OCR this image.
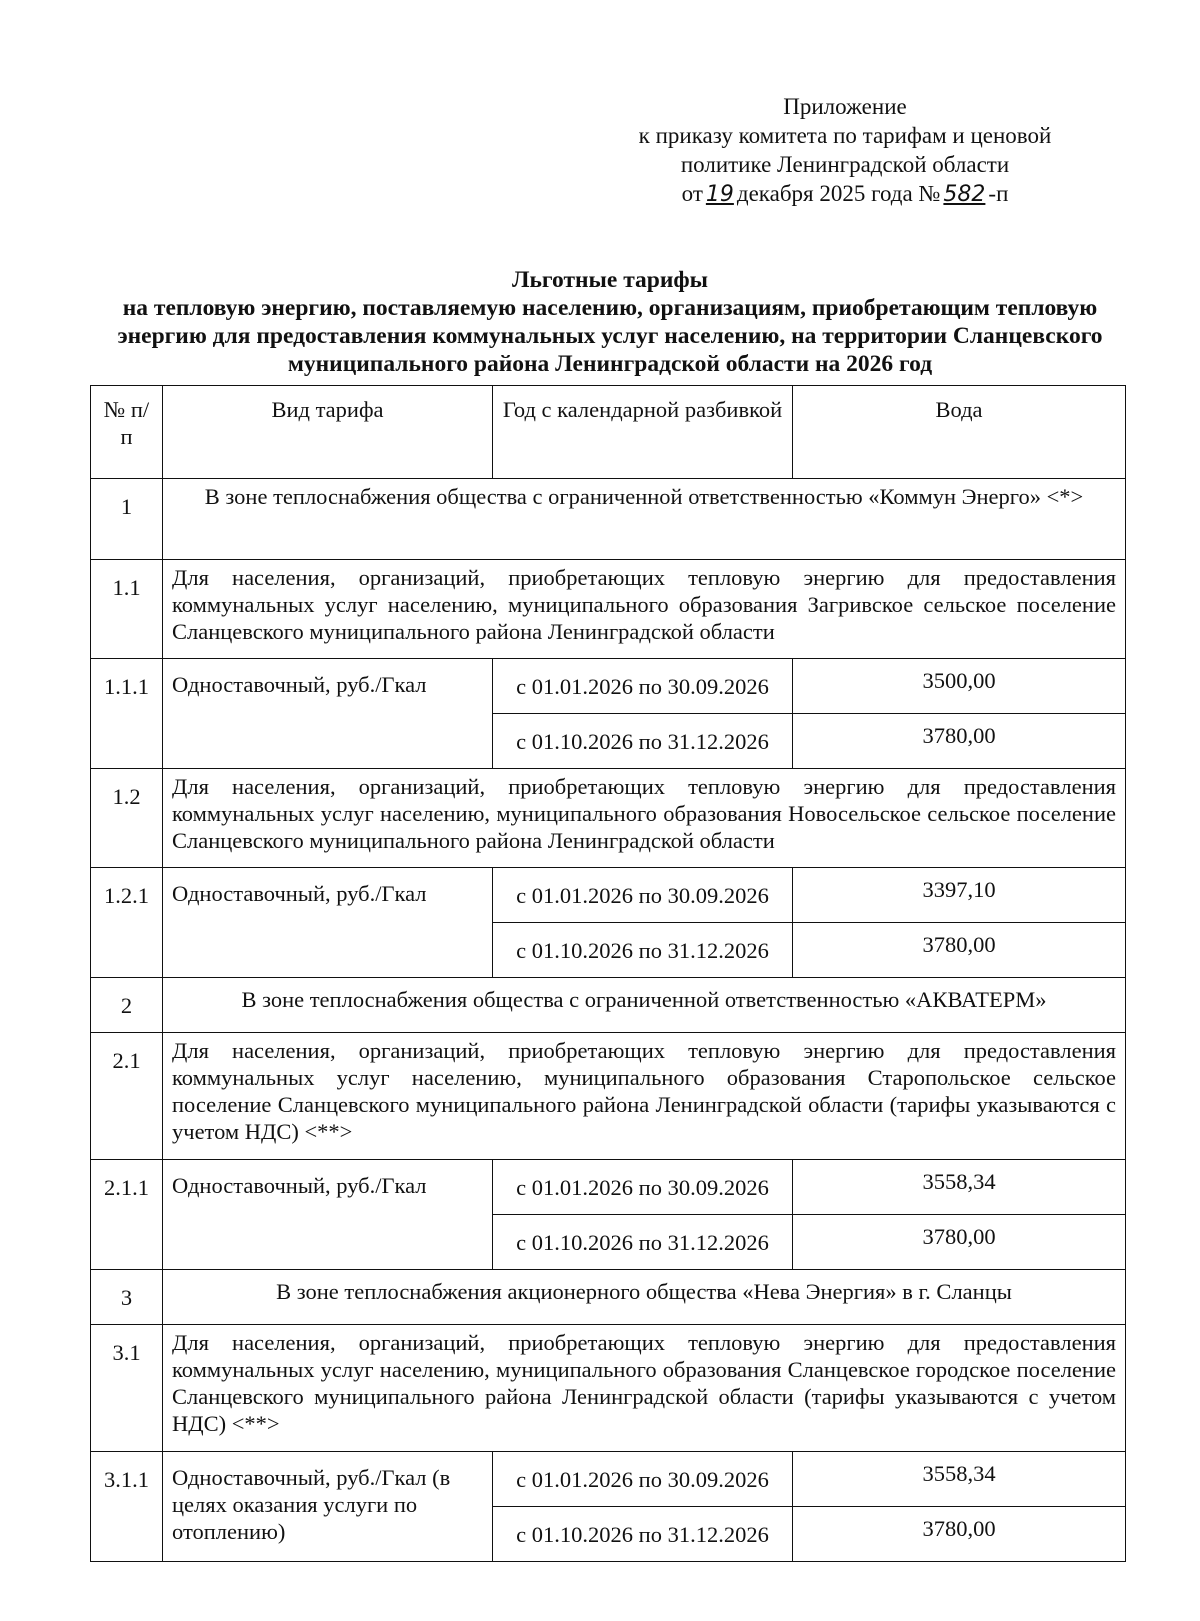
Приложение
к приказу комитета по тарифам и ценовой
политике Ленинградской области
от 19 декабря 2025 года № 582 -п
Льготные тарифы
на тепловую энергию, поставляемую населению, организациям, приобретающим тепловую
энергию для предоставления коммунальных услуг населению, на территории Сланцевского
муниципального района Ленинградской области на 2026 год
№ п/п	Вид тарифа	Год с календарной разбивкой	Вода
1	В зоне теплоснабжения общества с ограниченной ответственностью «Коммун Энерго» <*>		
1.1	Для населения, организаций, приобретающих тепловую энергию для предоставления коммунальных услуг населению, муниципального образования Загривское сельское поселение Сланцевского муниципального района Ленинградской области		
1.1.1	Одноставочный, руб./Гкал	с 01.01.2026 по 30.09.2026	3500,00
		с 01.10.2026 по 31.12.2026	3780,00
1.2	Для населения, организаций, приобретающих тепловую энергию для предоставления коммунальных услуг населению, муниципального образования Новосельское сельское поселение Сланцевского муниципального района Ленинградской области		
1.2.1	Одноставочный, руб./Гкал	с 01.01.2026 по 30.09.2026	3397,10
		с 01.10.2026 по 31.12.2026	3780,00
2	В зоне теплоснабжения общества с ограниченной ответственностью «АКВАТЕРМ»		
2.1	Для населения, организаций, приобретающих тепловую энергию для предоставления коммунальных услуг населению, муниципального образования Старопольское сельское поселение Сланцевского муниципального района Ленинградской области (тарифы указываются с учетом НДС) <**>		
2.1.1	Одноставочный, руб./Гкал	с 01.01.2026 по 30.09.2026	3558,34
		с 01.10.2026 по 31.12.2026	3780,00
3	В зоне теплоснабжения акционерного общества «Нева Энергия» в г. Сланцы		
3.1	Для населения, организаций, приобретающих тепловую энергию для предоставления коммунальных услуг населению, муниципального образования Сланцевское городское поселение Сланцевского муниципального района Ленинградской области (тарифы указываются с учетом НДС) <**>		
3.1.1	Одноставочный, руб./Гкал (в целях оказания услуги по отоплению)	с 01.01.2026 по 30.09.2026	3558,34
		с 01.10.2026 по 31.12.2026	3780,00
